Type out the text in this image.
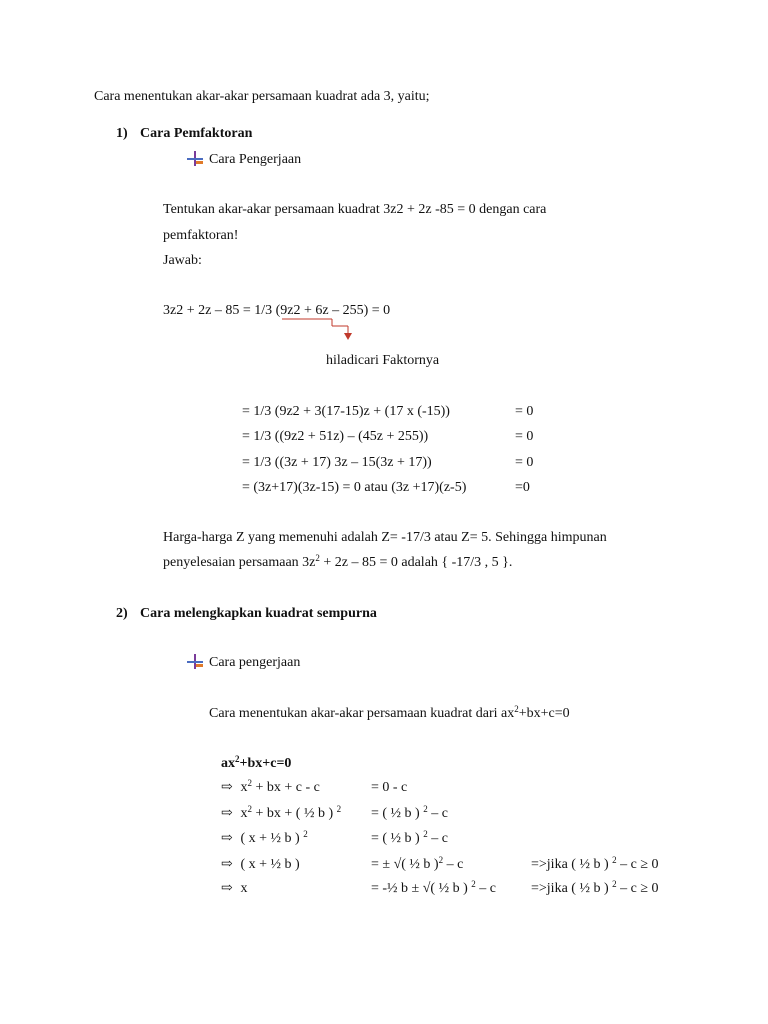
Cara menentukan akar-akar persamaan kuadrat ada 3, yaitu;
1) Cara Pemfaktoran
Cara Pengerjaan
Tentukan akar-akar persamaan kuadrat 3z2 + 2z -85 = 0 dengan cara
pemfaktoran!
Jawab:
3z2 + 2z – 85 = 1/3 (9z2 + 6z – 255) = 0
hiladicari Faktornya
= 1/3 (9z2 + 3(17-15)z + (17 x (-15))	= 0
= 1/3 ((9z2 + 51z) – (45z + 255))	= 0
= 1/3 ((3z + 17) 3z – 15(3z + 17))	= 0
= (3z+17)(3z-15) = 0 atau (3z +17)(z-5)	=0
Harga-harga Z yang memenuhi adalah Z= -17/3 atau Z= 5. Sehingga himpunan
penyelesaian persamaan $3z^2 + 2z - 85 = 0$ adalah { -17/3 , 5 }.
2) Cara melengkapkan kuadrat sempurna
Cara pengerjaan
Cara menentukan akar-akar persamaan kuadrat dari $ax^2+bx+c=0$
$ax^2+bx+c=0$
⇨ $x^2$ + bx + c - c	= 0 - c
⇨ $x^2$ + bx + ( ½ b ) $^2$ = ( ½ b ) $^2$ – c
⇨ ( x + ½ b ) $^2$	= ( ½ b ) $^2$ – c
⇨ ( x + ½ b )	= ± √( ½ b )$^2$ – c	=>jika ( ½ b ) $^2$ – c ≥ 0
⇨ x	= -½ b ± √( ½ b ) $^2$ – c	=>jika ( ½ b ) $^2$ – c ≥ 0
